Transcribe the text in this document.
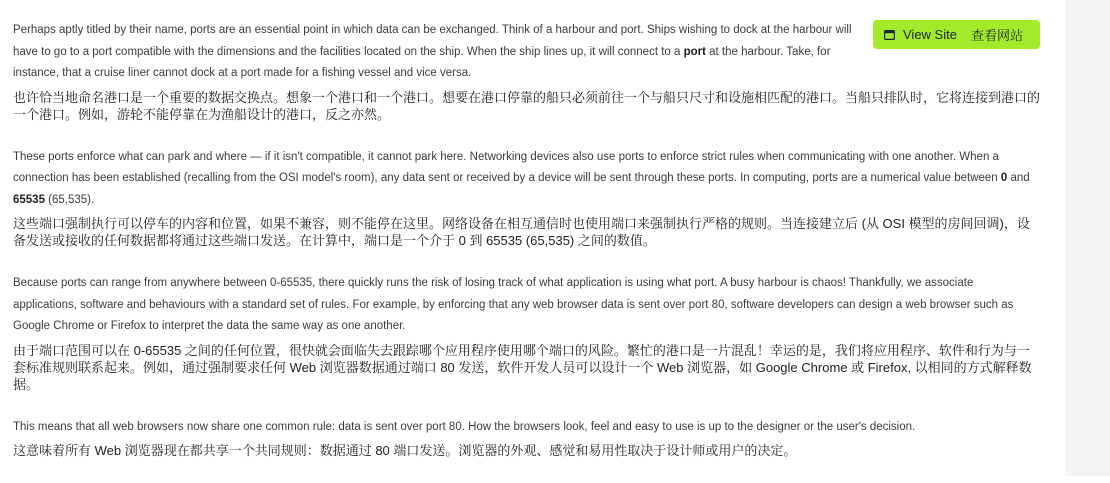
View Site 查看网站

Perhaps aptly titled by their name, ports are an essential point in which data can be exchanged. Think of a harbour and port. Ships wishing to dock at the harbour will have to go to a port compatible with the dimensions and the facilities located on the ship. When the ship lines up, it will connect to a port at the harbour. Take, for instance, that a cruise liner cannot dock at a port made for a fishing vessel and vice versa.

也许恰当地命名港口是一个重要的数据交换点。想象一个港口和一个港口。想要在港口停靠的船只必须前往一个与船只尺寸和设施相匹配的港口。当船只排队时，它将连接到港口的一个港口。例如，游轮不能停靠在为渔船设计的港口，反之亦然。

These ports enforce what can park and where — if it isn't compatible, it cannot park here. Networking devices also use ports to enforce strict rules when communicating with one another. When a connection has been established (recalling from the OSI model's room), any data sent or received by a device will be sent through these ports. In computing, ports are a numerical value between 0 and 65535 (65,535).

这些端口强制执行可以停车的内容和位置，如果不兼容，则不能停在这里。网络设备在相互通信时也使用端口来强制执行严格的规则。当连接建立后 (从 OSI 模型的房间回调)，设备发送或接收的任何数据都将通过这些端口发送。在计算中，端口是一个介于 0 到 65535 (65,535) 之间的数值。

Because ports can range from anywhere between 0-65535, there quickly runs the risk of losing track of what application is using what port. A busy harbour is chaos! Thankfully, we associate applications, software and behaviours with a standard set of rules. For example, by enforcing that any web browser data is sent over port 80, software developers can design a web browser such as Google Chrome or Firefox to interpret the data the same way as one another.

由于端口范围可以在 0-65535 之间的任何位置，很快就会面临失去跟踪哪个应用程序使用哪个端口的风险。繁忙的港口是一片混乱！幸运的是，我们将应用程序、软件和行为与一套标准规则联系起来。例如，通过强制要求任何 Web 浏览器数据通过端口 80 发送，软件开发人员可以设计一个 Web 浏览器，如 Google Chrome 或 Firefox, 以相同的方式解释数据。

This means that all web browsers now share one common rule: data is sent over port 80. How the browsers look, feel and easy to use is up to the designer or the user's decision.

这意味着所有 Web 浏览器现在都共享一个共同规则：数据通过 80 端口发送。浏览器的外观、感觉和易用性取决于设计师或用户的决定。
